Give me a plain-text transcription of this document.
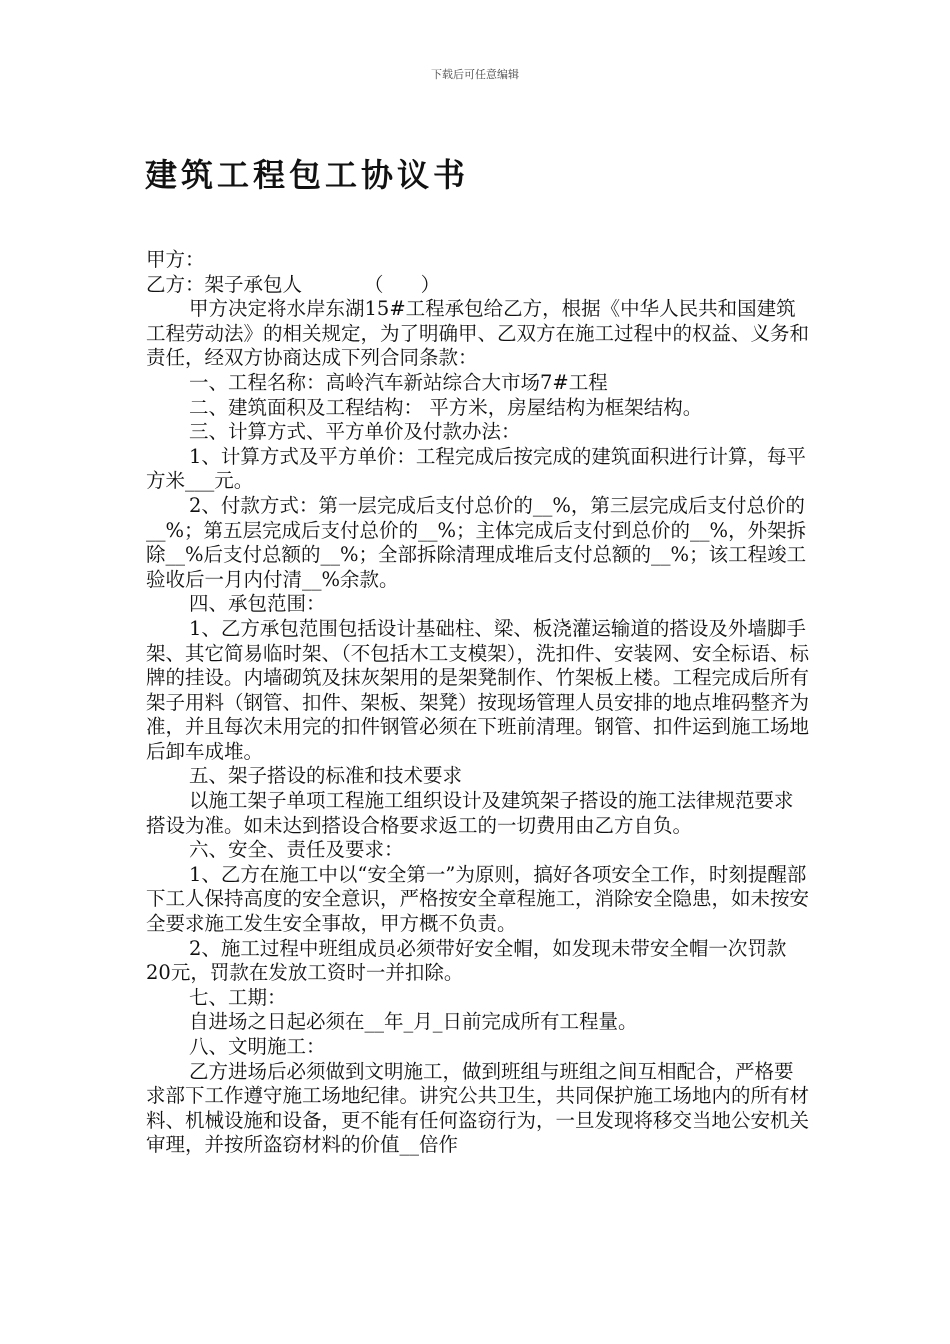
下载后可任意编辑
建筑工程包工协议书

甲方：

乙方：架子承包人          （      ）

甲方决定将水岸东湖15#工程承包给乙方，根据《中华人民共和国建筑工程劳动法》的相关规定，为了明确甲、乙双方在施工过程中的权益、义务和责任，经双方协商达成下列合同条款：

一、工程名称：高岭汽车新站综合大市场7#工程

二、建筑面积及工程结构： 平方米，房屋结构为框架结构。

三、计算方式、平方单价及付款办法：

1、计算方式及平方单价：工程完成后按完成的建筑面积进行计算，每平方米___元。

2、付款方式：第一层完成后支付总价的__%，第三层完成后支付总价的__%；第五层完成后支付总价的__%；主体完成后支付到总价的__%，外架拆除__%后支付总额的__%；全部拆除清理成堆后支付总额的__%；该工程竣工验收后一月内付清__%余款。

四、承包范围：

1、乙方承包范围包括设计基础柱、梁、板浇灌运输道的搭设及外墙脚手架、其它简易临时架、（不包括木工支模架），洗扣件、安装网、安全标语、标牌的挂设。内墙砌筑及抹灰架用的是架凳制作、竹架板上楼。工程完成后所有架子用料（钢管、扣件、架板、架凳）按现场管理人员安排的地点堆码整齐为准，并且每次未用完的扣件钢管必须在下班前清理。钢管、扣件运到施工场地后卸车成堆。

五、架子搭设的标准和技术要求

以施工架子单项工程施工组织设计及建筑架子搭设的施工法律规范要求搭设为准。如未达到搭设合格要求返工的一切费用由乙方自负。

六、安全、责任及要求：

1、乙方在施工中以“安全第一”为原则，搞好各项安全工作，时刻提醒部下工人保持高度的安全意识，严格按安全章程施工，消除安全隐患，如未按安全要求施工发生安全事故，甲方概不负责。

2、施工过程中班组成员必须带好安全帽，如发现未带安全帽一次罚款20元，罚款在发放工资时一并扣除。

七、工期：

自进场之日起必须在__年_月_日前完成所有工程量。

八、文明施工：

乙方进场后必须做到文明施工，做到班组与班组之间互相配合，严格要求部下工作遵守施工场地纪律。讲究公共卫生，共同保护施工场地内的所有材料、机械设施和设备，更不能有任何盗窃行为，一旦发现将移交当地公安机关审理，并按所盗窃材料的价值__倍作
